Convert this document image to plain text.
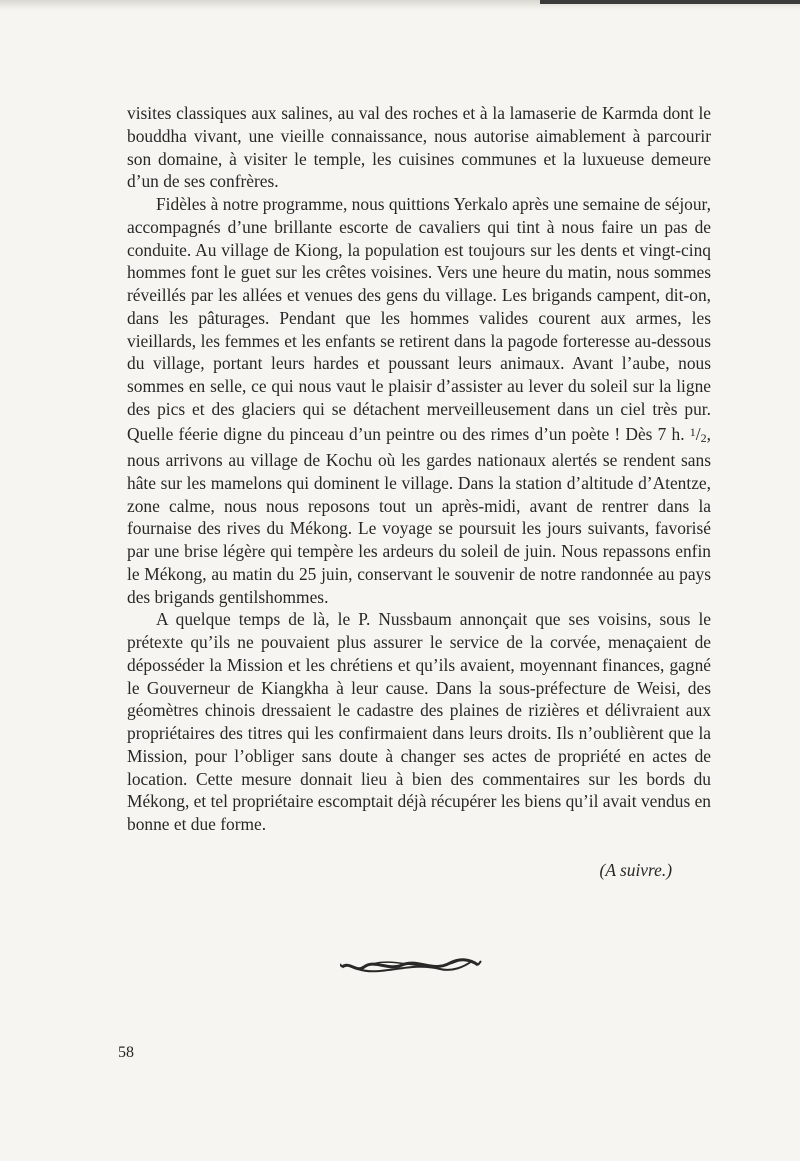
visites classiques aux salines, au val des roches et à la lamaserie de Karmda dont le bouddha vivant, une vieille connaissance, nous autorise aimablement à parcourir son domaine, à visiter le temple, les cuisines communes et la luxueuse demeure d’un de ses confrères.

Fidèles à notre programme, nous quittions Yerkalo après une semaine de séjour, accompagnés d’une brillante escorte de cavaliers qui tint à nous faire un pas de conduite. Au village de Kiong, la population est toujours sur les dents et vingt-cinq hommes font le guet sur les crêtes voisines. Vers une heure du matin, nous sommes réveillés par les allées et venues des gens du village. Les brigands campent, dit-on, dans les pâturages. Pendant que les hommes valides courent aux armes, les vieillards, les femmes et les enfants se retirent dans la pagode forteresse au-dessous du village, portant leurs hardes et poussant leurs animaux. Avant l’aube, nous sommes en selle, ce qui nous vaut le plaisir d’assister au lever du soleil sur la ligne des pics et des glaciers qui se détachent merveilleusement dans un ciel très pur. Quelle féerie digne du pinceau d’un peintre ou des rimes d’un poète ! Dès 7 h. $^1$/2, nous arrivons au village de Kochu où les gardes nationaux alertés se rendent sans hâte sur les mamelons qui dominent le village. Dans la station d’altitude d’Atentze, zone calme, nous nous reposons tout un après-midi, avant de rentrer dans la fournaise des rives du Mékong. Le voyage se poursuit les jours suivants, favorisé par une brise légère qui tempère les ardeurs du soleil de juin. Nous repassons enfin le Mékong, au matin du 25 juin, conservant le souvenir de notre randonnée au pays des brigands gentilshommes.

A quelque temps de là, le P. Nussbaum annonçait que ses voisins, sous le prétexte qu’ils ne pouvaient plus assurer le service de la corvée, menaçaient de déposséder la Mission et les chrétiens et qu’ils avaient, moyennant finances, gagné le Gouverneur de Kiangkha à leur cause. Dans la sous-préfecture de Weisi, des géomètres chinois dressaient le cadastre des plaines de rizières et délivraient aux propriétaires des titres qui les confirmaient dans leurs droits. Ils n’oublièrent que la Mission, pour l’obliger sans doute à changer ses actes de propriété en actes de location. Cette mesure donnait lieu à bien des commentaires sur les bords du Mékong, et tel propriétaire escomptait déjà récupérer les biens qu’il avait vendus en bonne et due forme.

(A suivre.)
58
